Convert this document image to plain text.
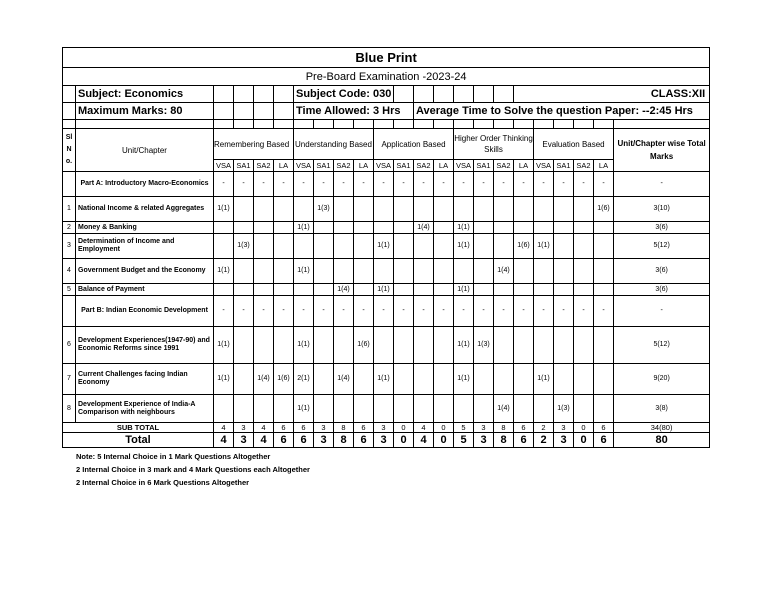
Blue Print																						
Pre-Board Examination -2023-24																						
	Subject: Economics					Subject Code: 030											CLASS:XII					
	Maximum Marks: 80					Time Allowed: 3 Hrs						Average Time to Solve the question Paper: --2:45 Hrs										

Sl N o.	Unit/Chapter	Remembering Based				Understanding Based				Application Based				Higher Order Thinking Skills				Evaluation Based				Unit/Chapter wise Total Marks
		VSA	SA1	SA2	LA	VSA	SA1	SA2	LA	VSA	SA1	SA2	LA	VSA	SA1	SA2	LA	VSA	SA1	SA2	LA	
	Part A: Introductory Macro-Economics	-	-	-	-	-	-	-	-	-	-	-	-	-	-	-	-	-	-	-	-	-
1	National Income & related Aggregates	1(1)					1(3)														1(6)	3(10)
2	Money & Banking					1(1)						1(4)		1(1)								3(6)
3	Determination of Income and Employment		1(3)							1(1)				1(1)			1(6)	1(1)				5(12)
4	Government Budget and the Economy	1(1)				1(1)										1(4)						3(6)
5	Balance of Payment							1(4)		1(1)				1(1)								3(6)
	Part B: Indian Economic Development	-	-	-	-	-	-	-	-	-	-	-	-	-	-	-	-	-	-	-	-	-
6	Development Experiences(1947-90) and Economic Reforms since 1991	1(1)				1(1)			1(6)					1(1)	1(3)							5(12)
7	Current Challenges facing Indian Economy	1(1)		1(4)	1(6)	2(1)		1(4)		1(1)				1(1)				1(1)				9(20)
8	Development Experience of India-A Comparison with neighbours					1(1)										1(4)			1(3)			3(8)
SUB TOTAL		4	3	4	6	6	3	8	6	3	0	4	0	5	3	8	6	2	3	0	6	34(80)
Total		4	3	4	6	6	3	8	6	3	0	4	0	5	3	8	6	2	3	0	6	80
Note: 5 Internal Choice in 1 Mark Questions Altogether
2 Internal Choice in 3 mark and 4 Mark Questions each Altogether
2 Internal Choice in 6 Mark Questions Altogether
